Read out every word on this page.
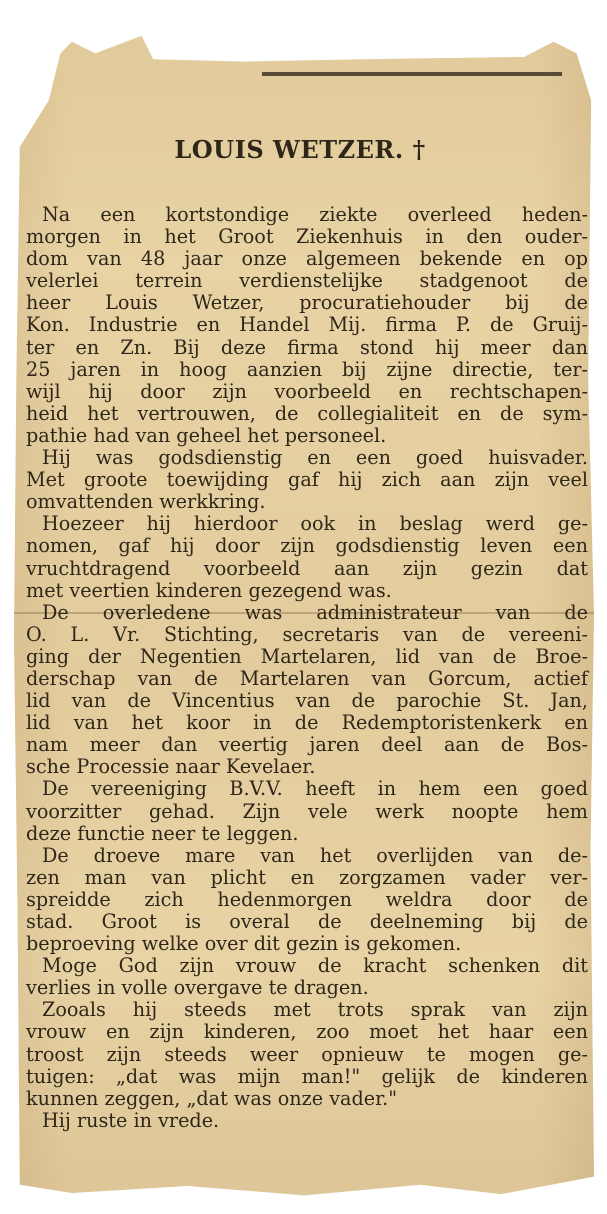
LOUIS WETZER. †
Na een kortstondige ziekte overleed heden-
morgen in het Groot Ziekenhuis in den ouder-
dom van 48 jaar onze algemeen bekende en op
velerlei terrein verdienstelijke stadgenoot de
heer Louis Wetzer, procuratiehouder bij de
Kon. Industrie en Handel Mij. firma P. de Gruij-
ter en Zn. Bij deze firma stond hij meer dan
25 jaren in hoog aanzien bij zijne directie, ter-
wijl hij door zijn voorbeeld en rechtschapen-
heid het vertrouwen, de collegialiteit en de sym-
pathie had van geheel het personeel.
Hij was godsdienstig en een goed huisvader.
Met groote toewijding gaf hij zich aan zijn veel
omvattenden werkkring.
Hoezeer hij hierdoor ook in beslag werd ge-
nomen, gaf hij door zijn godsdienstig leven een
vruchtdragend voorbeeld aan zijn gezin dat
met veertien kinderen gezegend was.
De overledene was administrateur van de
O. L. Vr. Stichting, secretaris van de vereeni-
ging der Negentien Martelaren, lid van de Broe-
derschap van de Martelaren van Gorcum, actief
lid van de Vincentius van de parochie St. Jan,
lid van het koor in de Redemptoristenkerk en
nam meer dan veertig jaren deel aan de Bos-
sche Processie naar Kevelaer.
De vereeniging B.V.V. heeft in hem een goed
voorzitter gehad. Zijn vele werk noopte hem
deze functie neer te leggen.
De droeve mare van het overlijden van de-
zen man van plicht en zorgzamen vader ver-
spreidde zich hedenmorgen weldra door de
stad. Groot is overal de deelneming bij de
beproeving welke over dit gezin is gekomen.
Moge God zijn vrouw de kracht schenken dit
verlies in volle overgave te dragen.
Zooals hij steeds met trots sprak van zijn
vrouw en zijn kinderen, zoo moet het haar een
troost zijn steeds weer opnieuw te mogen ge-
tuigen: „dat was mijn man!" gelijk de kinderen
kunnen zeggen, „dat was onze vader."
Hij ruste in vrede.
